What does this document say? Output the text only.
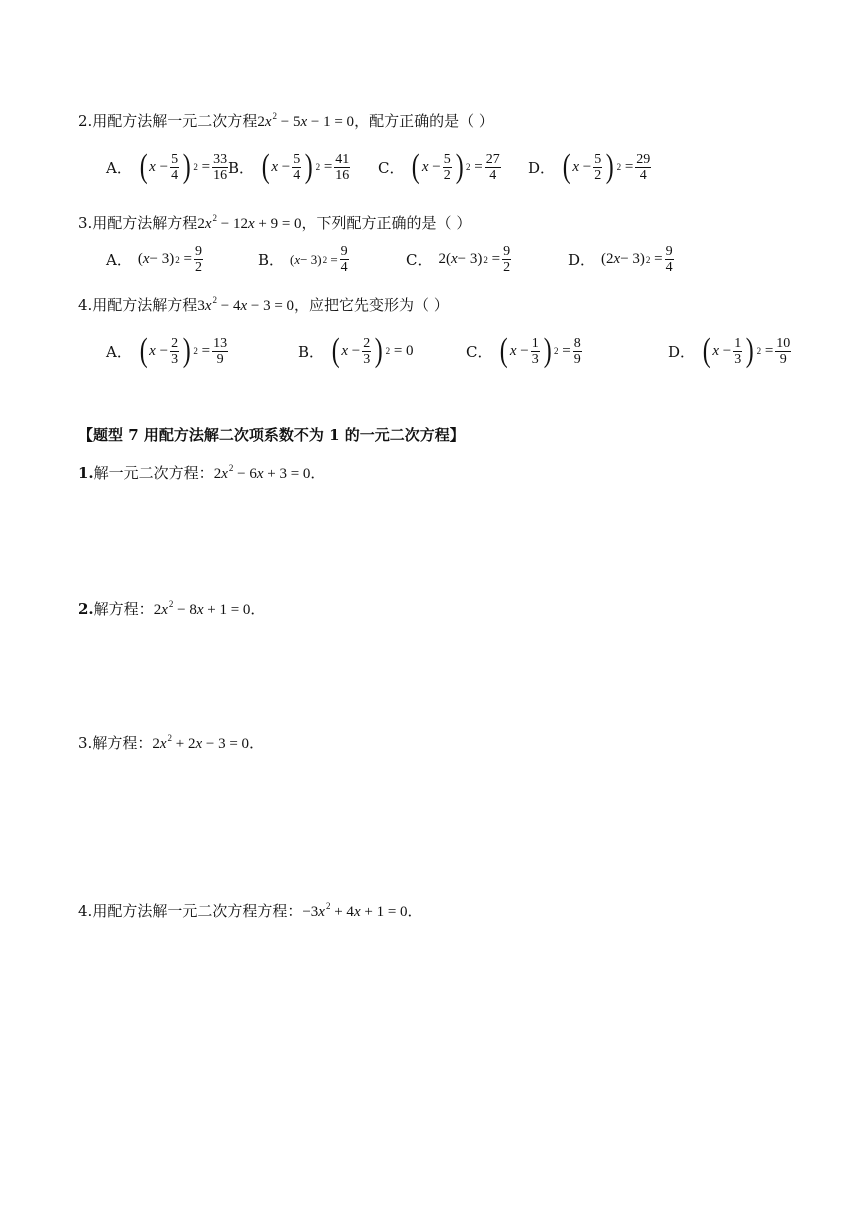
2.用配方法解一元二次方程$2x^2 - 5x - 1 = 0$，配方正确的是（ ）
A． ( $x - \frac{5}{4}$ ) $2 = \frac{33}{16}$ B． ( $x - \frac{5}{4}$ ) $2 = \frac{41}{16}$ C． ( $x - \frac{5}{2}$ ) $2 = \frac{27}{4}$ D． ( $x - \frac{5}{2}$ ) $2 = \frac{29}{4}$
3.用配方法解方程$2x^2 - 12x + 9 = 0$，下列配方正确的是（ ）
A． ( x − 3) $2 = \frac{9}{2}$	B． ( x − 3) $2 = \frac{9}{4}$	C． 2( x − 3) $2 = \frac{9}{2}$	D． (2 x − 3) $2 = \frac{9}{4}$
4.用配方法解方程$3x^2 - 4x - 3 = 0$，应把它先变形为（ ）
A． ( $x - \frac{2}{3}$ ) $2 = \frac{13}{9}$	B． ( $x - \frac{2}{3}$ ) 2 = 0	C． ( $x - \frac{1}{3}$ ) $2 = \frac{8}{9}$	D． ( $x - \frac{1}{3}$ ) $2 = \frac{10}{9}$
【题型 7 用配方法解二次项系数不为 1 的一元二次方程】
1.解一元二次方程：$2x^2 - 6x + 3 = 0$．
2.解方程：$2x^2 - 8x + 1 = 0$．
3.解方程：$2x^2 + 2x - 3 = 0$．
4.用配方法解一元二次方程方程：$-3x^2 + 4x + 1 = 0$．
